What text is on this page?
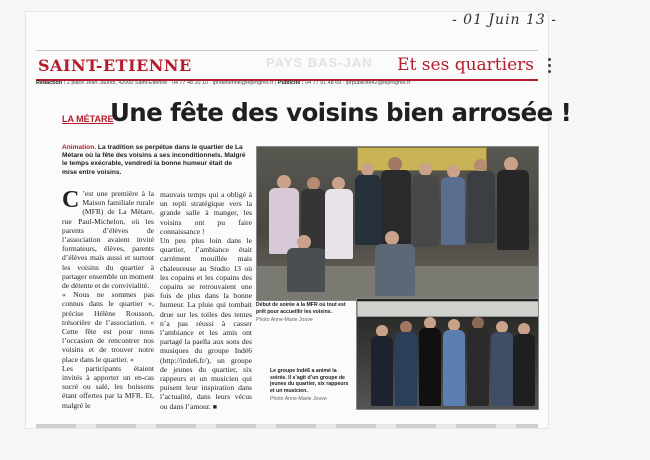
- 01 Juin 13 -
SAINT-ETIENNE	PAYS BAS-JAN Et ses quartiers
Rédaction : 2 place Jean-Jaurès, 42000 Saint-Etienne · 04 77 48 10 10 · lprsteti​enne@leprogres.fr | Publicité : 04 77 91 48 69 · lprpublicite42@leprogres.fr
LA MÉTARE
Une fête des voisins bien arrosée !
Animation. La tradition se perpétue dans le quartier de La Métare où la fête des voisins a ses inconditionnels. Malgré le temps exécrable, vendredi la bonne humeur était de mise entre voisins.

C ’est une première à la Maison familiale rurale (MFR) de La Métare, rue Paul-Michelon, où les parents d’élèves de l’association avaient invité formateurs, élèves, parents d’élèves mais aussi et surtout les voisins du quartier à partager ensemble un moment de détente et de convivialité.

« Nous ne sommes pas connus dans le quartier », précise Hélène Rousson, trésorière de l’association. « Cette fête est pour nous l’occasion de rencontrer nos voisins et de trouver notre place dans le quartier. »

Les participants étaient invités à apporter un en-cas sucré ou salé, les boissons étant offertes par la MFR. Et, malgré le

mauvais temps qui a obligé à un repli stratégique vers la grande salle à manger, les voisins ont pu faire connaissance !

Un peu plus loin dans le quartier, l’ambiance était carrément mouillée mais chaleureuse au Studio 13 où les copains et les copains des copains se retrouvaient une fois de plus dans la bonne humeur. La pluie qui tombait drue sur les toiles des tentes n’a pas réussi à casser l’ambiance et les amis ont partagé la paella aux sons des musiques du groupe Indé6 (http://inde6.fr/), un groupe de jeunes du quartier, six rappeurs et un musicien qui puisent leur inspiration dans l’actualité, dans leurs vécus ou dans l’amour. ■

Début de soirée à la MFR où tout est prêt pour accueillir les voisins.
Photo Anne-Marie Jouve
Le groupe Indé6 a animé la soirée. Il s’agit d’un groupe de jeunes du quartier, six rappeurs et un musicien.
Photo Anne-Marie Jouve
